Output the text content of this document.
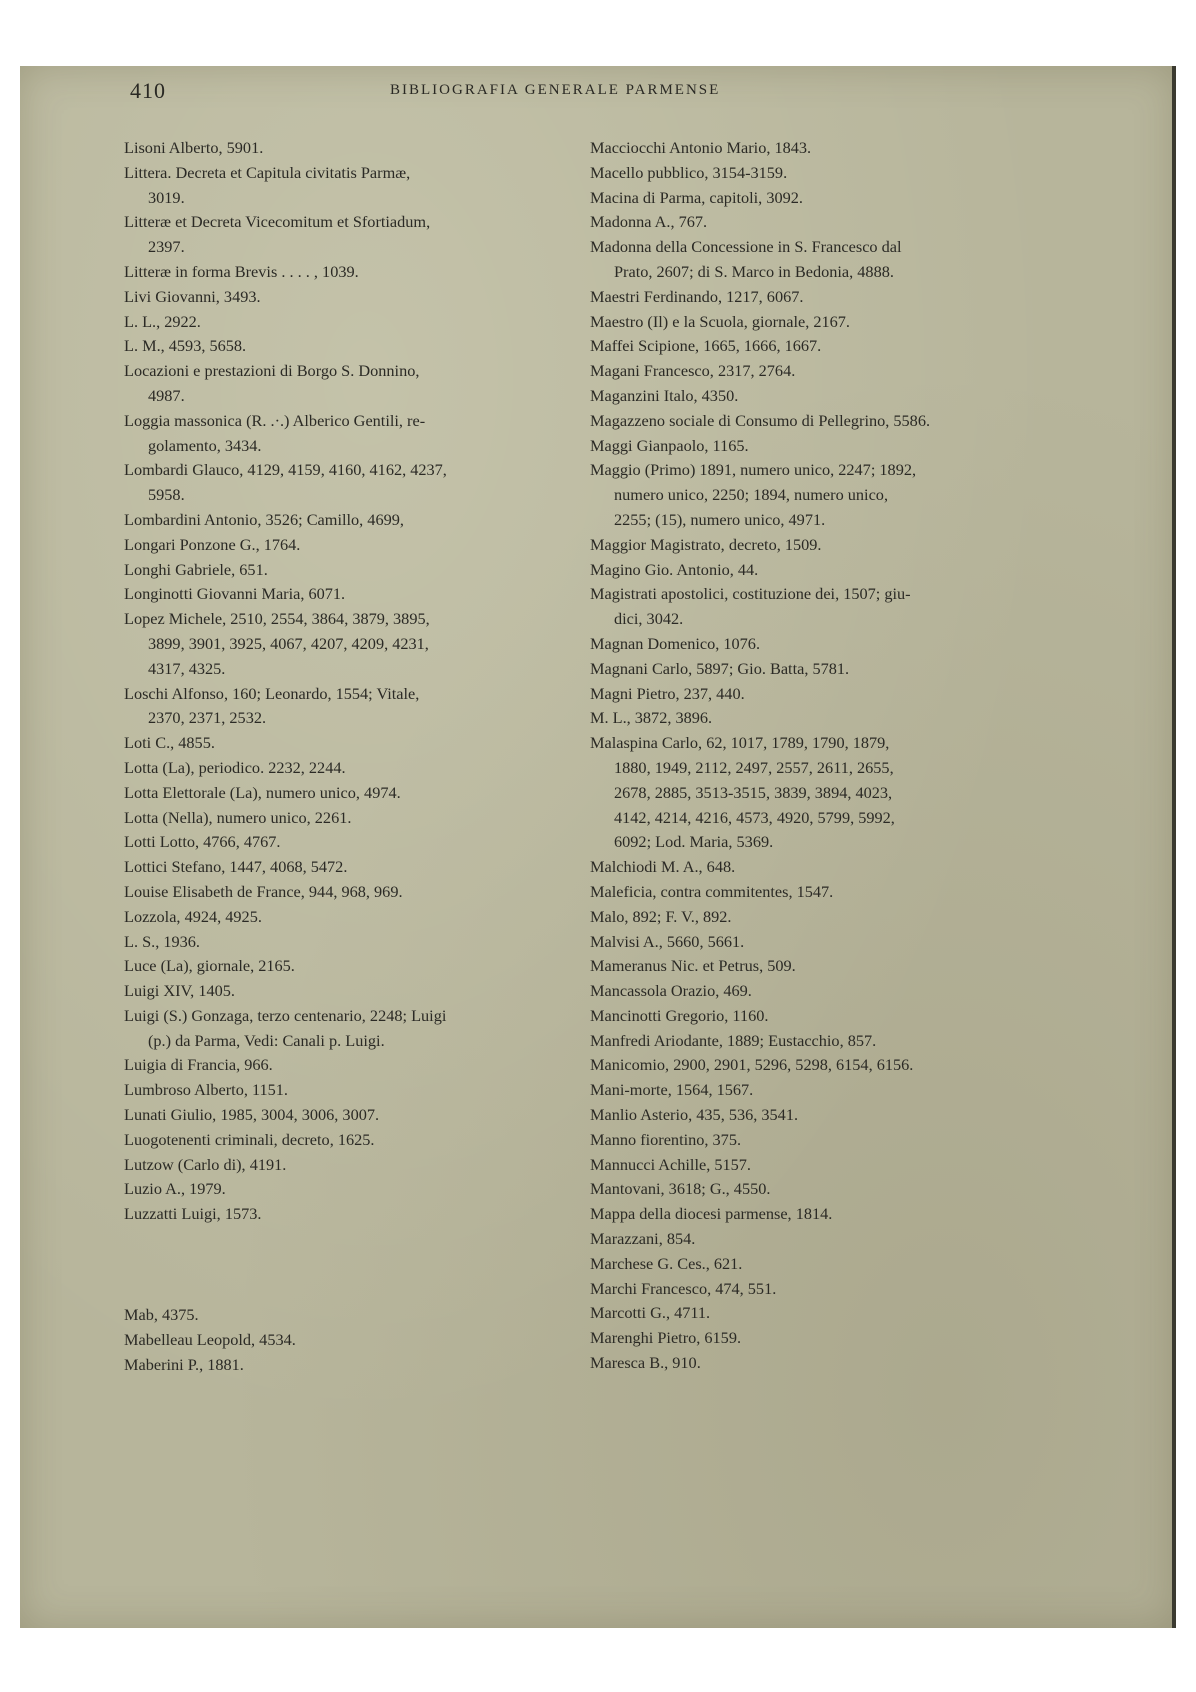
410	BIBLIOGRAFIA GENERALE PARMENSE
Lisoni Alberto, 5901.
Littera. Decreta et Capitula civitatis Parmæ,
3019.
Litteræ et Decreta Vicecomitum et Sfortiadum,
2397.
Litteræ in forma Brevis . . . . , 1039.
Livi Giovanni, 3493.
L. L., 2922.
L. M., 4593, 5658.
Locazioni e prestazioni di Borgo S. Donnino,
4987.
Loggia massonica (R. .·.) Alberico Gentili, re-
golamento, 3434.
Lombardi Glauco, 4129, 4159, 4160, 4162, 4237,
5958.
Lombardini Antonio, 3526; Camillo, 4699,
Longari Ponzone G., 1764.
Longhi Gabriele, 651.
Longinotti Giovanni Maria, 6071.
Lopez Michele, 2510, 2554, 3864, 3879, 3895,
3899, 3901, 3925, 4067, 4207, 4209, 4231,
4317, 4325.
Loschi Alfonso, 160; Leonardo, 1554; Vitale,
2370, 2371, 2532.
Loti C., 4855.
Lotta (La), periodico. 2232, 2244.
Lotta Elettorale (La), numero unico, 4974.
Lotta (Nella), numero unico, 2261.
Lotti Lotto, 4766, 4767.
Lottici Stefano, 1447, 4068, 5472.
Louise Elisabeth de France, 944, 968, 969.
Lozzola, 4924, 4925.
L. S., 1936.
Luce (La), giornale, 2165.
Luigi XIV, 1405.
Luigi (S.) Gonzaga, terzo centenario, 2248; Luigi
(p.) da Parma, Vedi: Canali p. Luigi.
Luigia di Francia, 966.
Lumbroso Alberto, 1151.
Lunati Giulio, 1985, 3004, 3006, 3007.
Luogotenenti criminali, decreto, 1625.
Lutzow (Carlo di), 4191.
Luzio A., 1979.
Luzzatti Luigi, 1573.
Mab, 4375.
Mabelleau Leopold, 4534.
Maberini P., 1881.
Macciocchi Antonio Mario, 1843.
Macello pubblico, 3154-3159.
Macina di Parma, capitoli, 3092.
Madonna A., 767.
Madonna della Concessione in S. Francesco dal
Prato, 2607; di S. Marco in Bedonia, 4888.
Maestri Ferdinando, 1217, 6067.
Maestro (Il) e la Scuola, giornale, 2167.
Maffei Scipione, 1665, 1666, 1667.
Magani Francesco, 2317, 2764.
Maganzini Italo, 4350.
Magazzeno sociale di Consumo di Pellegrino, 5586.
Maggi Gianpaolo, 1165.
Maggio (Primo) 1891, numero unico, 2247; 1892,
numero unico, 2250; 1894, numero unico,
2255; (15), numero unico, 4971.
Maggior Magistrato, decreto, 1509.
Magino Gio. Antonio, 44.
Magistrati apostolici, costituzione dei, 1507; giu-
dici, 3042.
Magnan Domenico, 1076.
Magnani Carlo, 5897; Gio. Batta, 5781.
Magni Pietro, 237, 440.
M. L., 3872, 3896.
Malaspina Carlo, 62, 1017, 1789, 1790, 1879,
1880, 1949, 2112, 2497, 2557, 2611, 2655,
2678, 2885, 3513-3515, 3839, 3894, 4023,
4142, 4214, 4216, 4573, 4920, 5799, 5992,
6092; Lod. Maria, 5369.
Malchiodi M. A., 648.
Maleficia, contra commitentes, 1547.
Malo, 892; F. V., 892.
Malvisi A., 5660, 5661.
Mameranus Nic. et Petrus, 509.
Mancassola Orazio, 469.
Mancinotti Gregorio, 1160.
Manfredi Ariodante, 1889; Eustacchio, 857.
Manicomio, 2900, 2901, 5296, 5298, 6154, 6156.
Mani-morte, 1564, 1567.
Manlio Asterio, 435, 536, 3541.
Manno fiorentino, 375.
Mannucci Achille, 5157.
Mantovani, 3618; G., 4550.
Mappa della diocesi parmense, 1814.
Marazzani, 854.
Marchese G. Ces., 621.
Marchi Francesco, 474, 551.
Marcotti G., 4711.
Marenghi Pietro, 6159.
Maresca B., 910.
